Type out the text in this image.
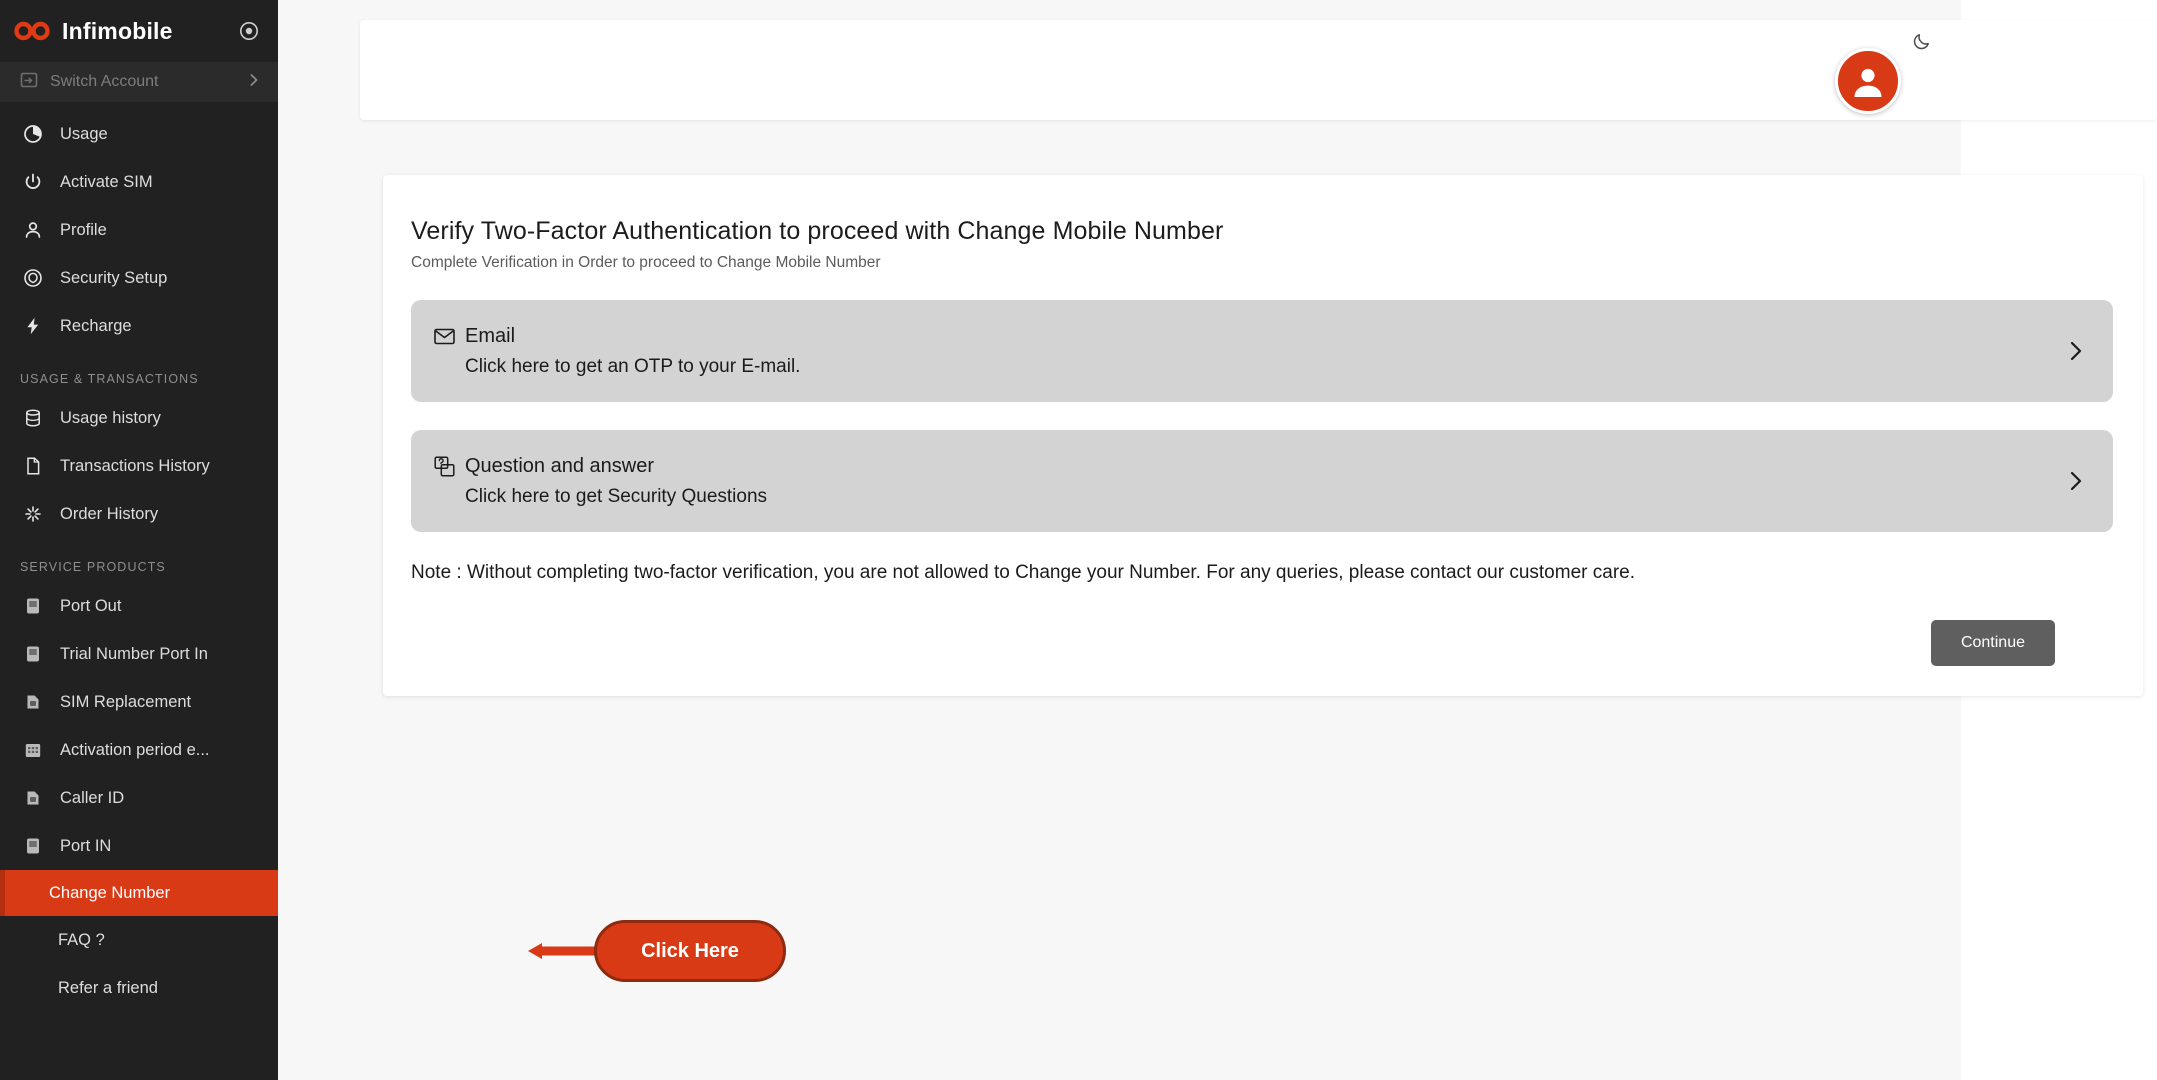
Infimobile
Switch Account
Usage
Activate SIM
Profile
Security Setup
Recharge
USAGE & TRANSACTIONS
Usage history
Transactions History
Order History
SERVICE PRODUCTS
Port Out
Trial Number Port In
SIM Replacement
Activation period e...
Caller ID
Port IN
Change Number
FAQ ?
Refer a friend
Verify Two-Factor Authentication to proceed with Change Mobile Number
Complete Verification in Order to proceed to Change Mobile Number
Email
Click here to get an OTP to your E-mail.
Question and answer
Click here to get Security Questions

Note : Without completing two-factor verification, you are not allowed to Change your Number. For any queries, please contact our customer care.

Continue
Click Here
